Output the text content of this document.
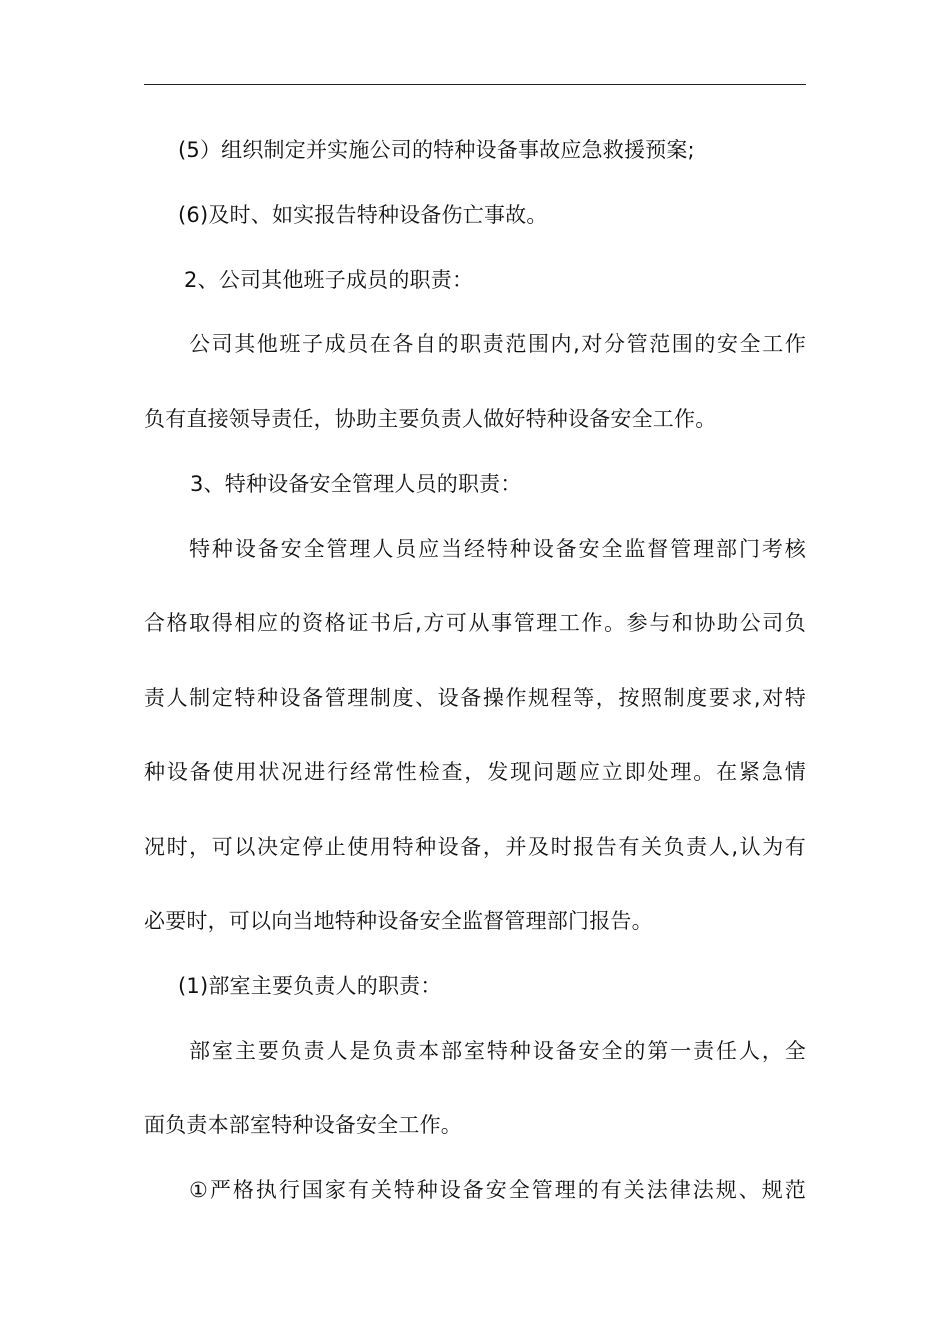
(5）组织制定并实施公司的特种设备事故应急救援预案;
(6)及时、如实报告特种设备伤亡事故。
2、公司其他班子成员的职责：
公司其他班子成员在各自的职责范围内,对分管范围的安全工作
负有直接领导责任，协助主要负责人做好特种设备安全工作。
3、特种设备安全管理人员的职责：
特种设备安全管理人员应当经特种设备安全监督管理部门考核
合格取得相应的资格证书后,方可从事管理工作。参与和协助公司负
责人制定特种设备管理制度、设备操作规程等，按照制度要求,对特
种设备使用状况进行经常性检查，发现问题应立即处理。在紧急情
况时，可以决定停止使用特种设备，并及时报告有关负责人,认为有
必要时，可以向当地特种设备安全监督管理部门报告。
(1)部室主要负责人的职责：
部室主要负责人是负责本部室特种设备安全的第一责任人，全
面负责本部室特种设备安全工作。
①严格执行国家有关特种设备安全管理的有关法律法规、规范
